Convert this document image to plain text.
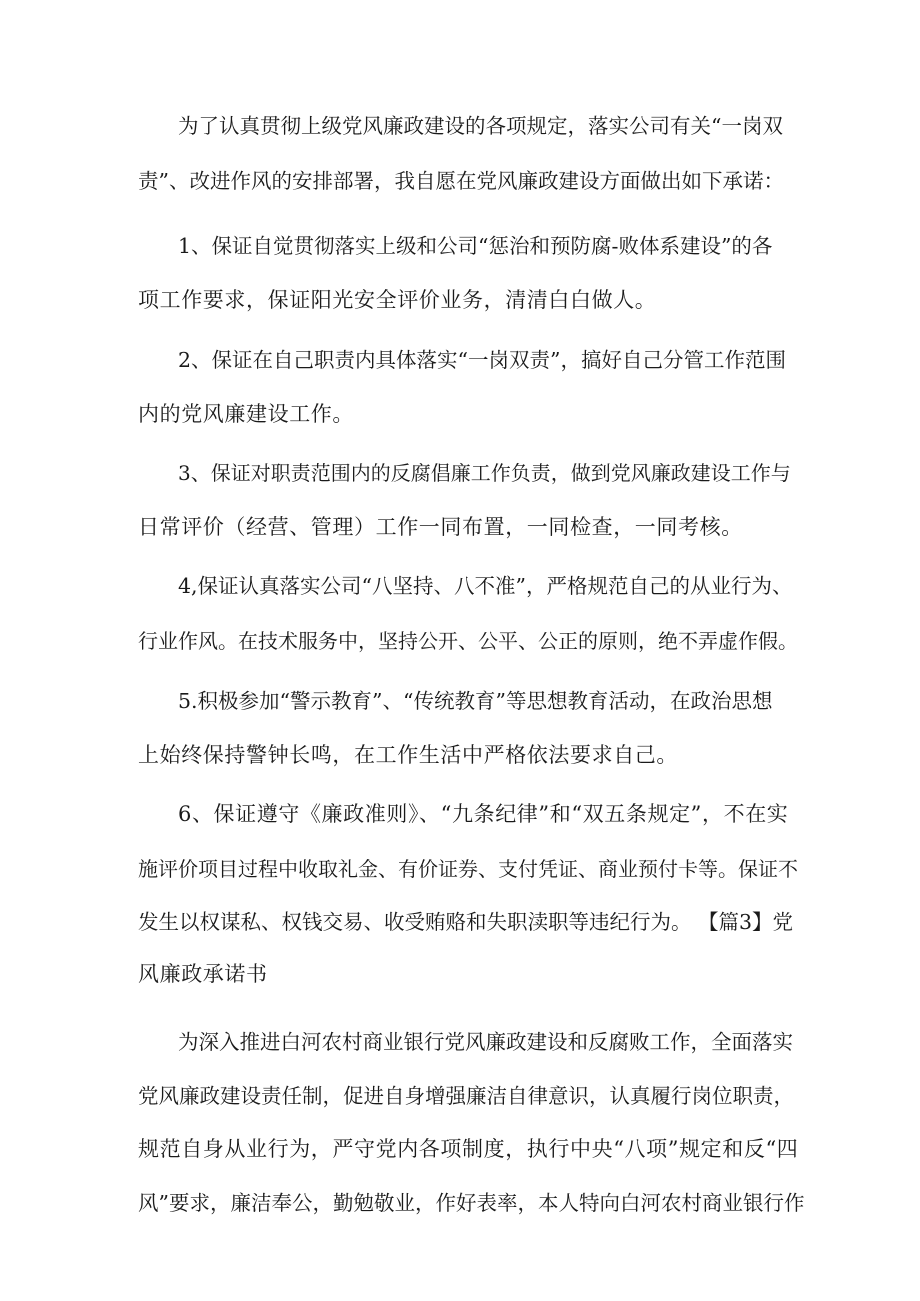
为了认真贯彻上级党风廉政建设的各项规定，落实公司有关“一岗双
责”、改进作风的安排部署，我自愿在党风廉政建设方面做出如下承诺：
1、保证自觉贯彻落实上级和公司“惩治和预防腐-败体系建设”的各
项工作要求，保证阳光安全评价业务，清清白白做人。
2、保证在自己职责内具体落实“一岗双责”，搞好自己分管工作范围
内的党风廉建设工作。
3、保证对职责范围内的反腐倡廉工作负责，做到党风廉政建设工作与
日常评价（经营、管理）工作一同布置，一同检查，一同考核。
4,保证认真落实公司“八坚持、八不准”，严格规范自己的从业行为、
行业作风。在技术服务中，坚持公开、公平、公正的原则，绝不弄虚作假。
5.积极参加“警示教育”、“传统教育”等思想教育活动，在政治思想
上始终保持警钟长鸣，在工作生活中严格依法要求自己。
6、保证遵守《廉政准则》、“九条纪律”和“双五条规定”，不在实
施评价项目过程中收取礼金、有价证券、支付凭证、商业预付卡等。保证不
发生以权谋私、权钱交易、收受贿赂和失职渎职等违纪行为。 【篇3】党
风廉政承诺书
为深入推进白河农村商业银行党风廉政建设和反腐败工作，全面落实
党风廉政建设责任制，促进自身增强廉洁自律意识，认真履行岗位职责，
规范自身从业行为，严守党内各项制度，执行中央“八项”规定和反“四
风”要求，廉洁奉公，勤勉敬业，作好表率，本人特向白河农村商业银行作
